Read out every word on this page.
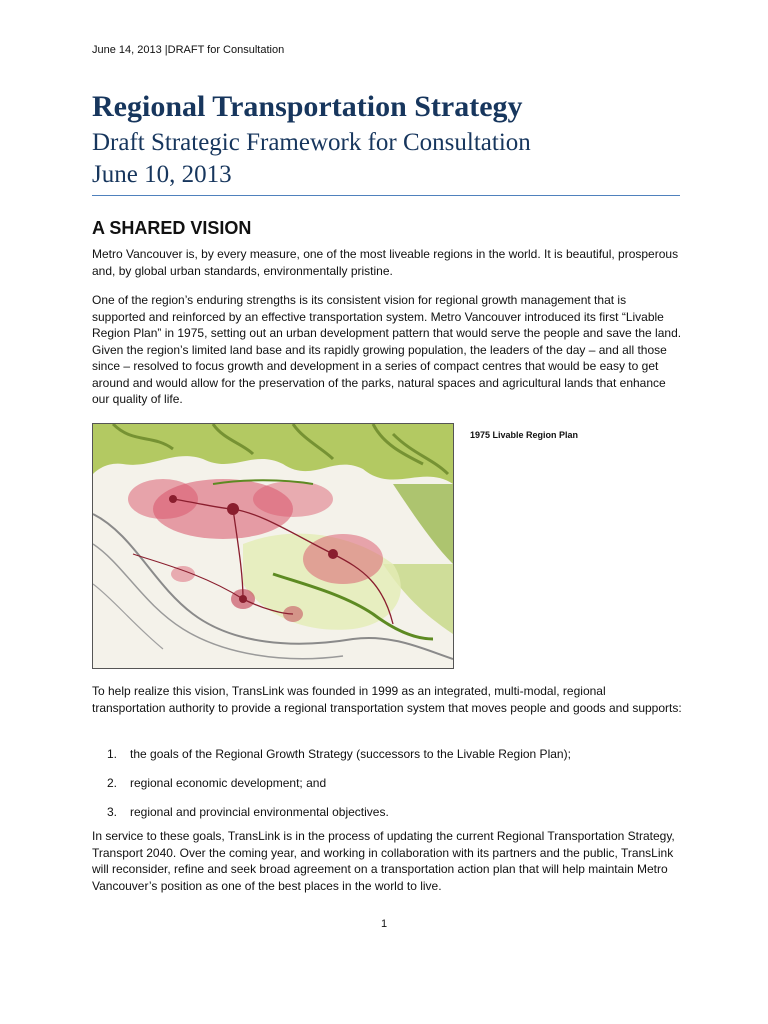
June 14, 2013 |DRAFT for Consultation
Regional Transportation Strategy
Draft Strategic Framework for Consultation
June 10, 2013
A SHARED VISION

Metro Vancouver is, by every measure, one of the most liveable regions in the world. It is beautiful, prosperous and, by global urban standards, environmentally pristine.

One of the region’s enduring strengths is its consistent vision for regional growth management that is supported and reinforced by an effective transportation system. Metro Vancouver introduced its first “Livable Region Plan” in 1975, setting out an urban development pattern that would serve the people and save the land. Given the region’s limited land base and its rapidly growing population, the leaders of the day – and all those since – resolved to focus growth and development in a series of compact centres that would be easy to get around and would allow for the preservation of the parks, natural spaces and agricultural lands that enhance our quality of life.

1975 Livable Region Plan

To help realize this vision, TransLink was founded in 1999 as an integrated, multi-modal, regional transportation authority to provide a regional transportation system that moves people and goods and supports:

1. the goals of the Regional Growth Strategy (successors to the Livable Region Plan);
2. regional economic development; and
3. regional and provincial environmental objectives.

In service to these goals, TransLink is in the process of updating the current Regional Transportation Strategy, Transport 2040. Over the coming year, and working in collaboration with its partners and the public, TransLink will reconsider, refine and seek broad agreement on a transportation action plan that will help maintain Metro Vancouver’s position as one of the best places in the world to live.

1
